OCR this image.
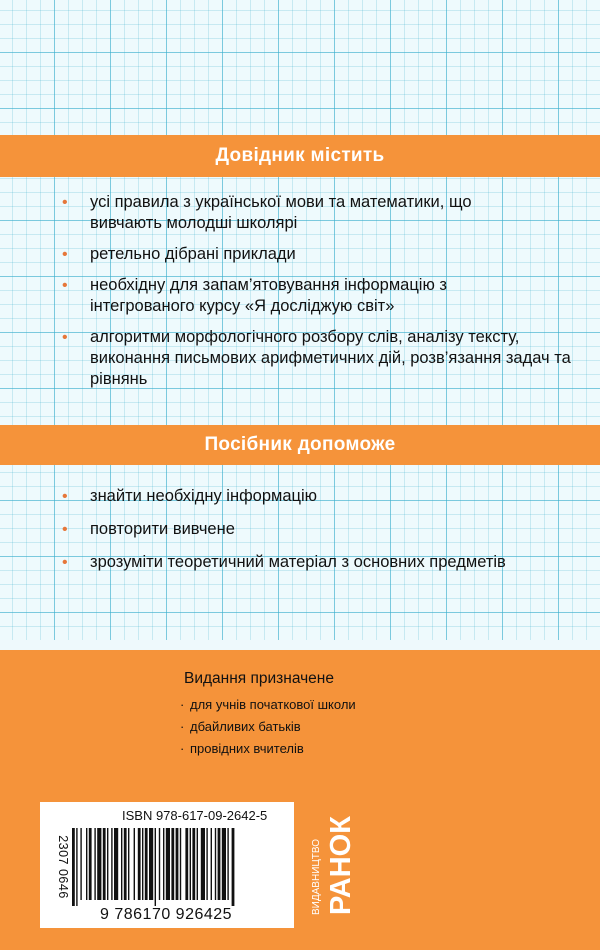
Довідник містить
• усі правила з української мови та математики, що вивчають молодші школярі
• ретельно дібрані приклади
• необхідну для запам’ятовування інформацію з інтегрованого курсу «Я досліджую світ»
• алгоритми морфологічного розбору слів, аналізу тексту, виконання письмових арифметичних дій, розв’язання задач та рівнянь
Посібник допоможе
• знайти необхідну інформацію
• повторити вивчене
• зрозуміти теоретичний матеріал з основних предметів
Видання призначене
· для учнів початкової школи
· дбайливих батьків
· провідних вчителів
ISBN 978-617-09-2642-5
2307 0646
9 786170 926425	ВИДАВНИЦТВО РАНОК
